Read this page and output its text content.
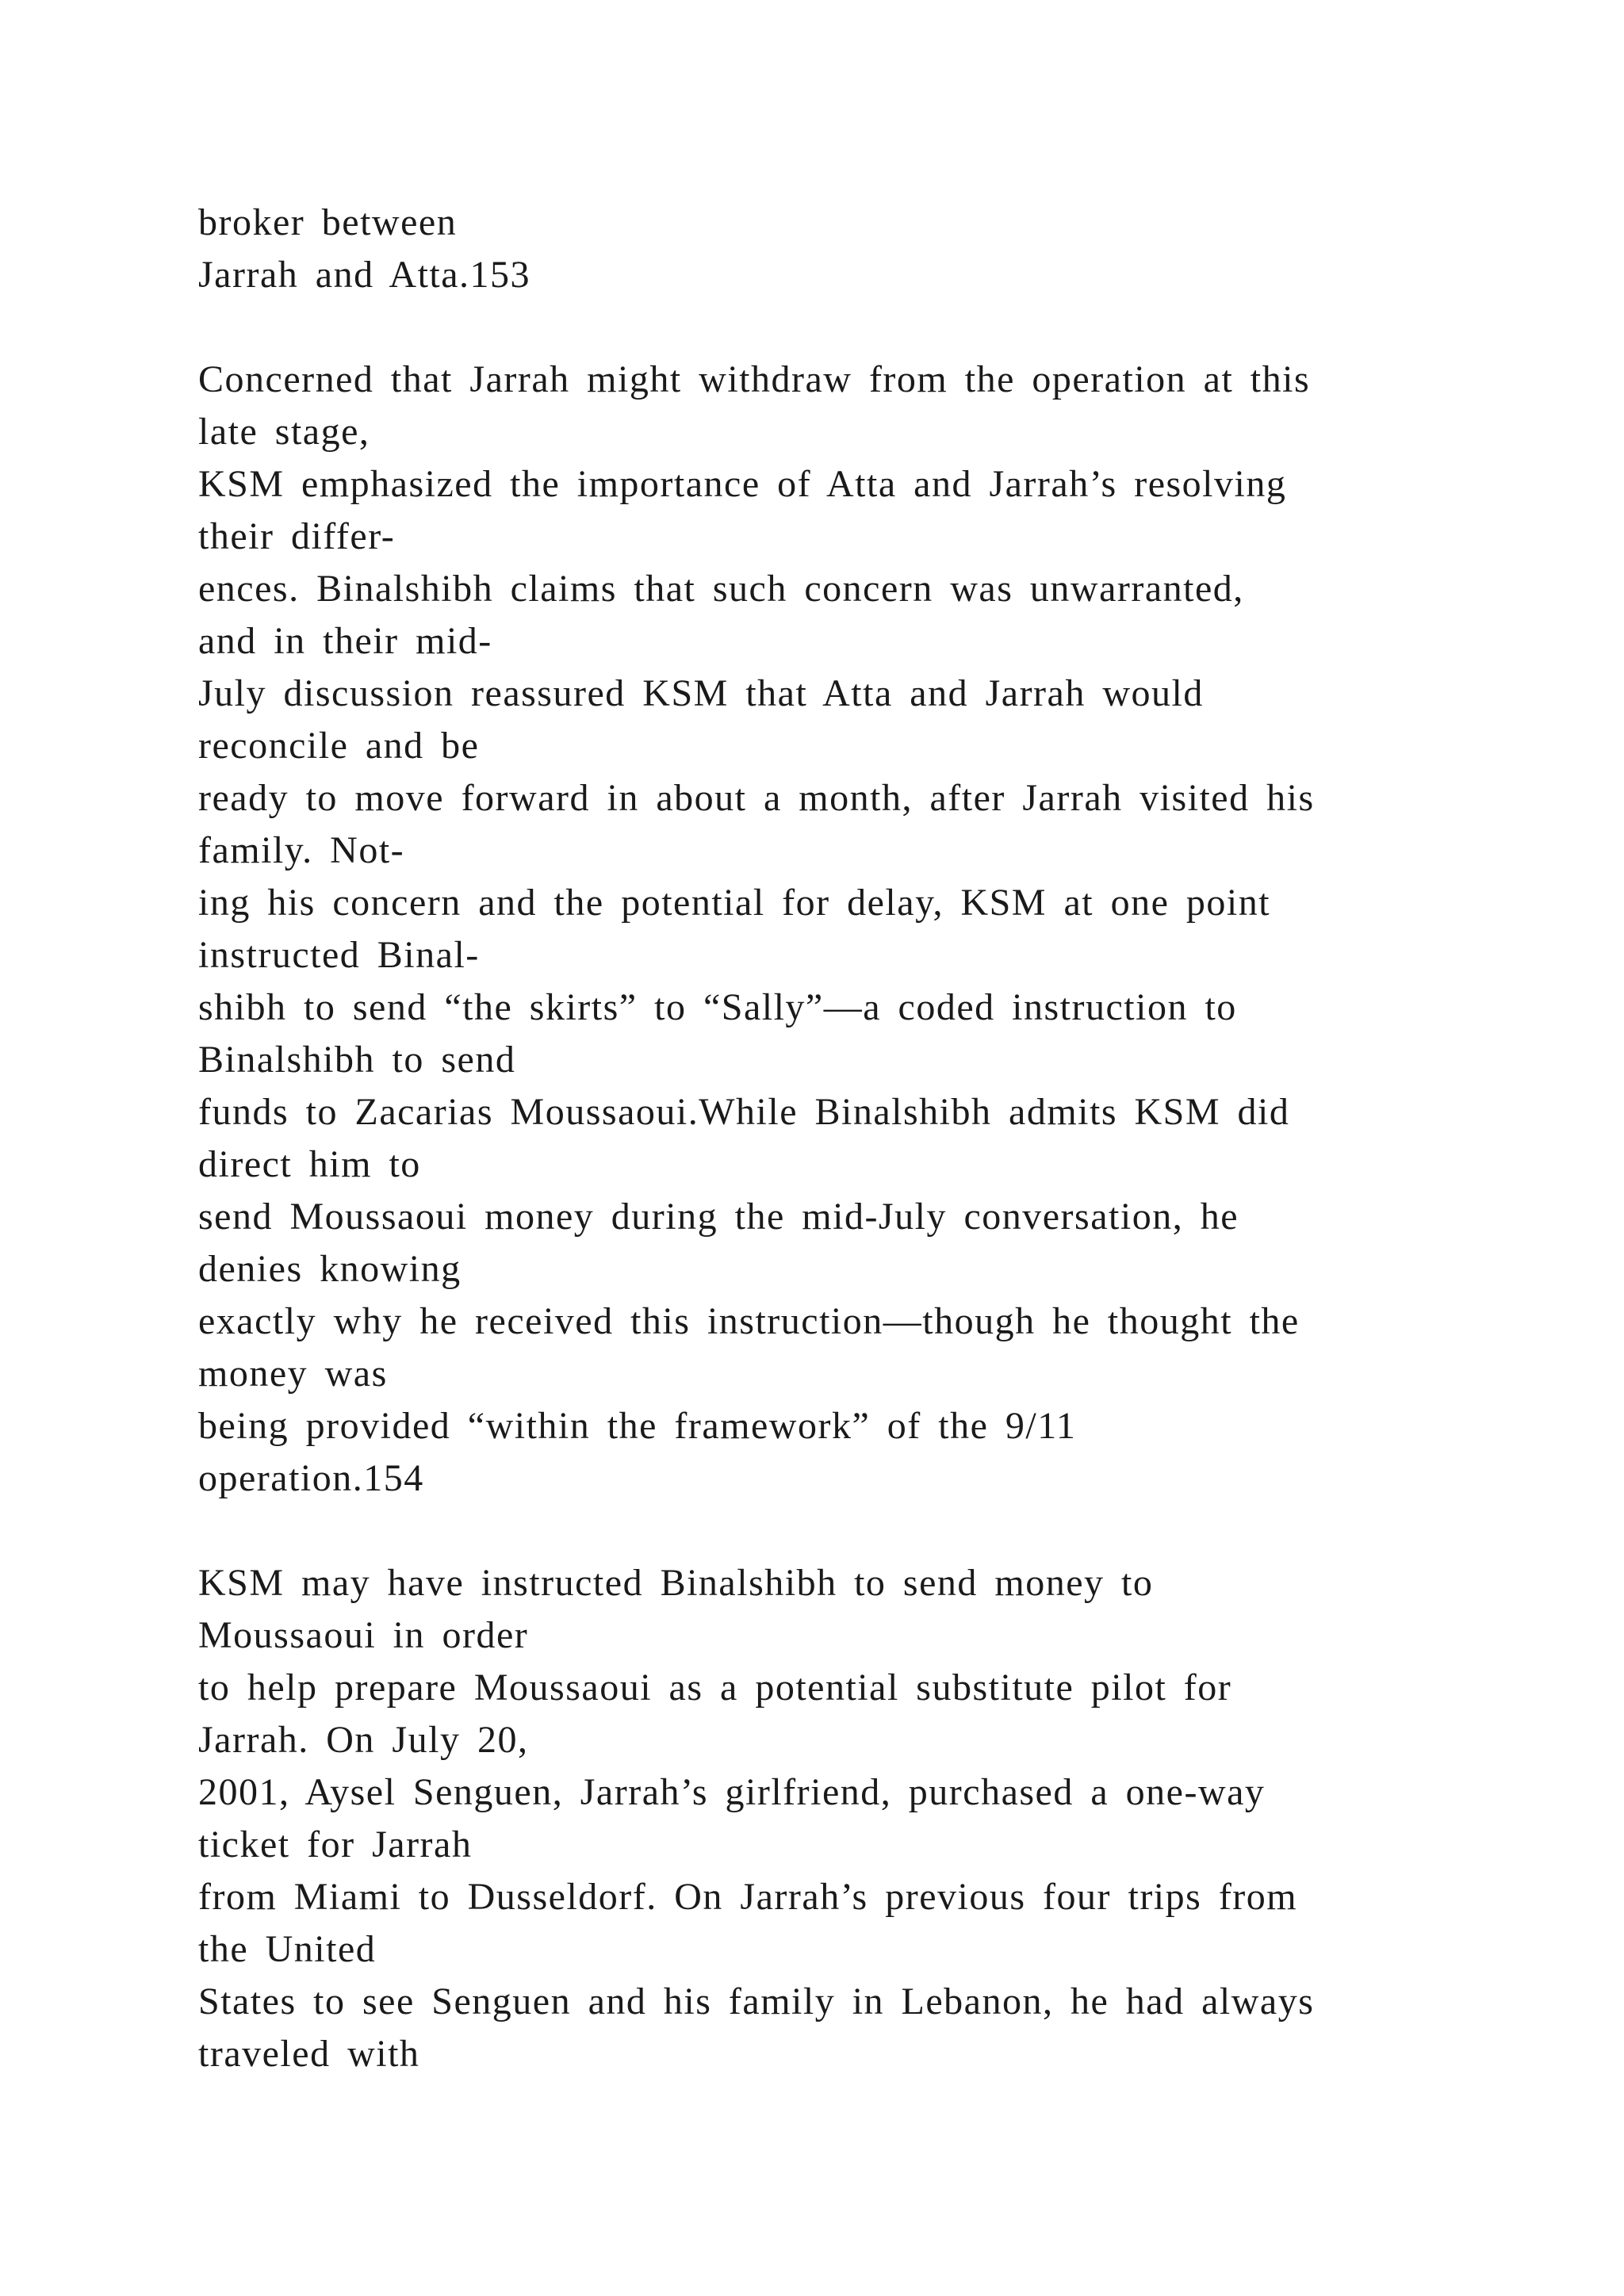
broker between
Jarrah and Atta.153
Concerned that Jarrah might withdraw from the operation at this
late stage,
KSM emphasized the importance of Atta and Jarrah’s resolving
their differ-
ences. Binalshibh claims that such concern was unwarranted,
and in their mid-
July discussion reassured KSM that Atta and Jarrah would
reconcile and be
ready to move forward in about a month, after Jarrah visited his
family. Not-
ing his concern and the potential for delay, KSM at one point
instructed Binal-
shibh to send “the skirts” to “Sally”—a coded instruction to
Binalshibh to send
funds to Zacarias Moussaoui.While Binalshibh admits KSM did
direct him to
send Moussaoui money during the mid-July conversation, he
denies knowing
exactly why he received this instruction—though he thought the
money was
being provided “within the framework” of the 9/11
operation.154
KSM may have instructed Binalshibh to send money to
Moussaoui in order
to help prepare Moussaoui as a potential substitute pilot for
Jarrah. On July 20,
2001, Aysel Senguen, Jarrah’s girlfriend, purchased a one-way
ticket for Jarrah
from Miami to Dusseldorf. On Jarrah’s previous four trips from
the United
States to see Senguen and his family in Lebanon, he had always
traveled with
